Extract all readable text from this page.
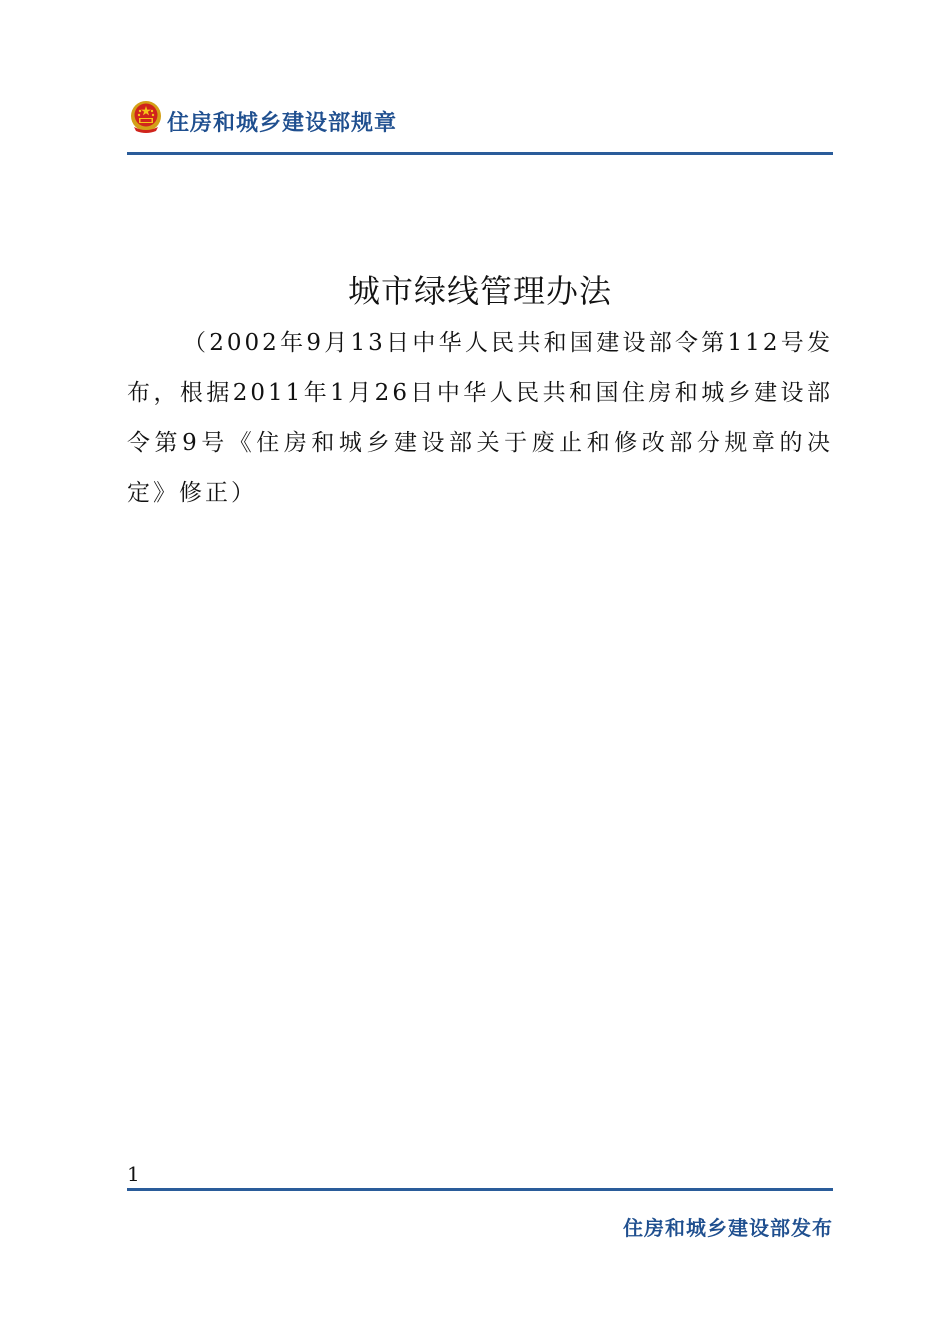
住房和城乡建设部规章
城市绿线管理办法

（2002年9月13日中华人民共和国建设部令第112号发布，根据2011年1月26日中华人民共和国住房和城乡建设部令第9号《住房和城乡建设部关于废止和修改部分规章的决定》修正）

1
住房和城乡建设部发布
